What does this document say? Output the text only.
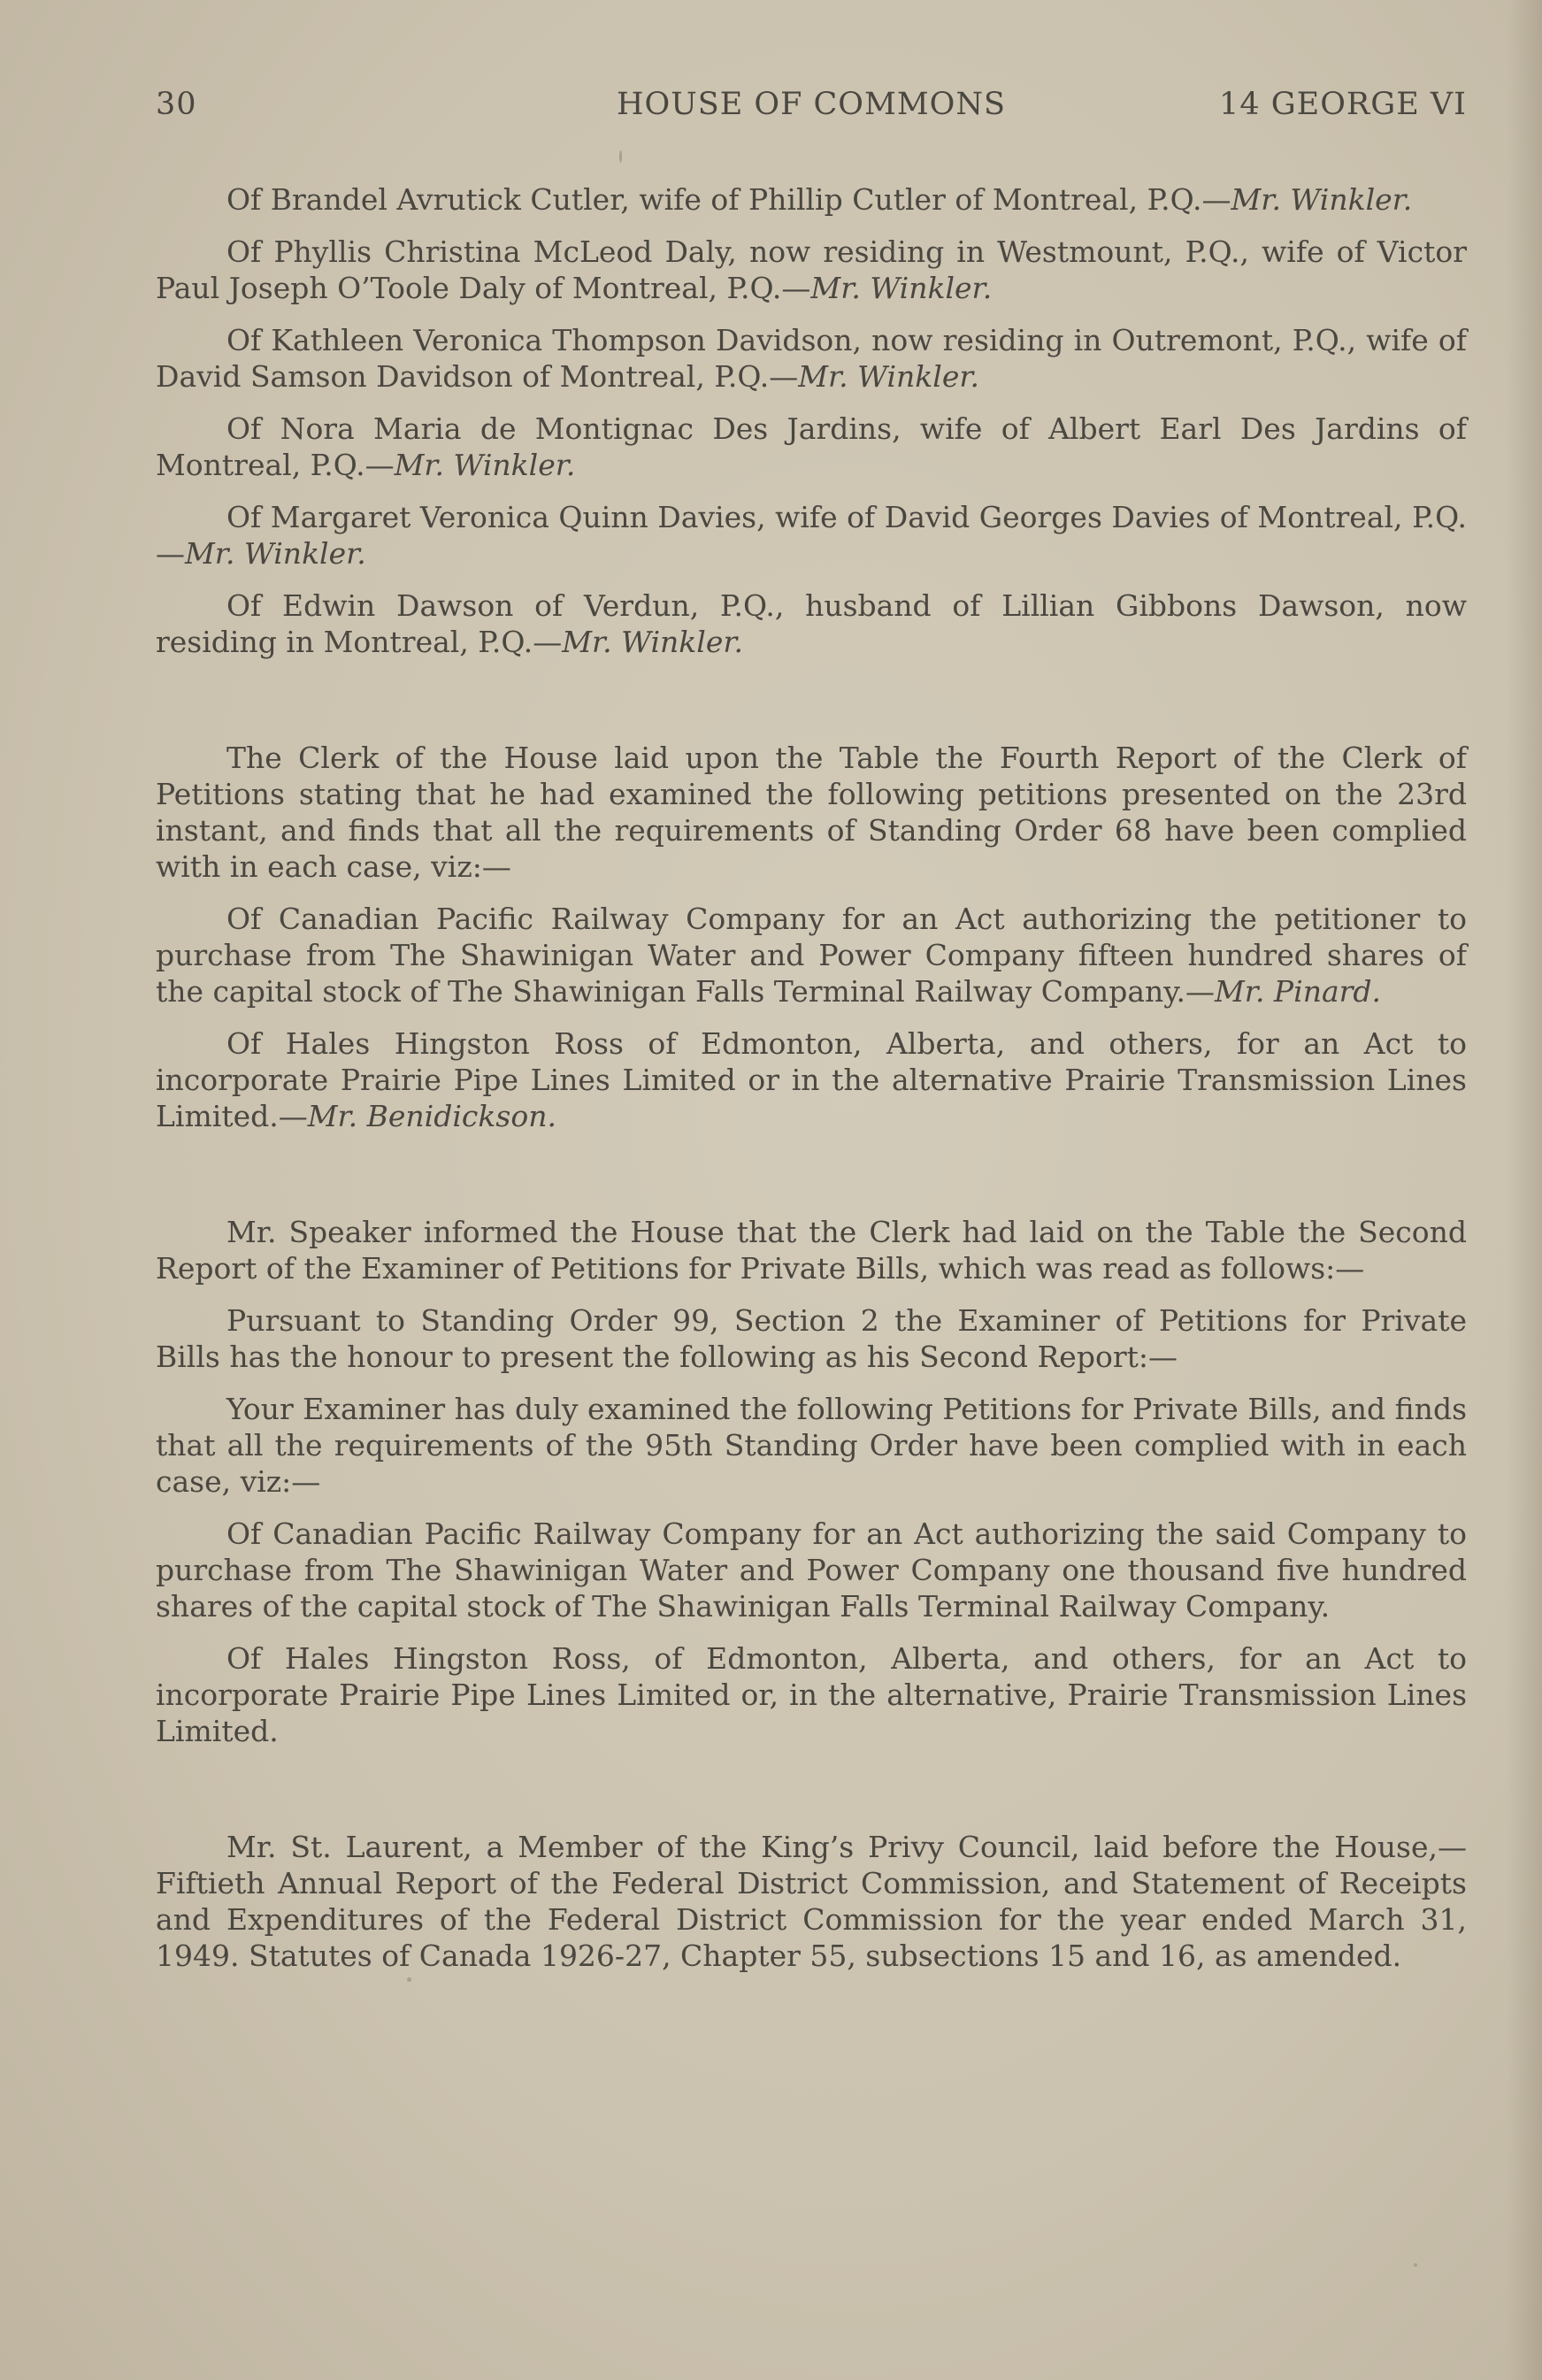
30	HOUSE OF COMMONS	14 GEORGE VI

Of Brandel Avrutick Cutler, wife of Phillip Cutler of Montreal, P.Q.—Mr. Winkler.

Of Phyllis Christina McLeod Daly, now residing in Westmount, P.Q., wife of Victor Paul Joseph O’Toole Daly of Montreal, P.Q.—Mr. Winkler.

Of Kathleen Veronica Thompson Davidson, now residing in Outremont, P.Q., wife of David Samson Davidson of Montreal, P.Q.—Mr. Winkler.

Of Nora Maria de Montignac Des Jardins, wife of Albert Earl Des Jardins of Montreal, P.Q.—Mr. Winkler.

Of Margaret Veronica Quinn Davies, wife of David Georges Davies of Montreal, P.Q.—Mr. Winkler.

Of Edwin Dawson of Verdun, P.Q., husband of Lillian Gibbons Dawson, now residing in Montreal, P.Q.—Mr. Winkler.

The Clerk of the House laid upon the Table the Fourth Report of the Clerk of Petitions stating that he had examined the following petitions presented on the 23rd instant, and finds that all the requirements of Standing Order 68 have been complied with in each case, viz:—

Of Canadian Pacific Railway Company for an Act authorizing the petitioner to purchase from The Shawinigan Water and Power Company fifteen hundred shares of the capital stock of The Shawinigan Falls Terminal Railway Company.—Mr. Pinard.

Of Hales Hingston Ross of Edmonton, Alberta, and others, for an Act to incorporate Prairie Pipe Lines Limited or in the alternative Prairie Transmission Lines Limited.—Mr. Benidickson.

Mr. Speaker informed the House that the Clerk had laid on the Table the Second Report of the Examiner of Petitions for Private Bills, which was read as follows:—

Pursuant to Standing Order 99, Section 2 the Examiner of Petitions for Private Bills has the honour to present the following as his Second Report:—

Your Examiner has duly examined the following Petitions for Private Bills, and finds that all the requirements of the 95th Standing Order have been complied with in each case, viz:—

Of Canadian Pacific Railway Company for an Act authorizing the said Company to purchase from The Shawinigan Water and Power Company one thousand five hundred shares of the capital stock of The Shawinigan Falls Terminal Railway Company.

Of Hales Hingston Ross, of Edmonton, Alberta, and others, for an Act to incorporate Prairie Pipe Lines Limited or, in the alternative, Prairie Transmission Lines Limited.

Mr. St. Laurent, a Member of the King’s Privy Council, laid before the House,—Fiftieth Annual Report of the Federal District Commission, and Statement of Receipts and Expenditures of the Federal District Commission for the year ended March 31, 1949. Statutes of Canada 1926-27, Chapter 55, subsections 15 and 16, as amended.
